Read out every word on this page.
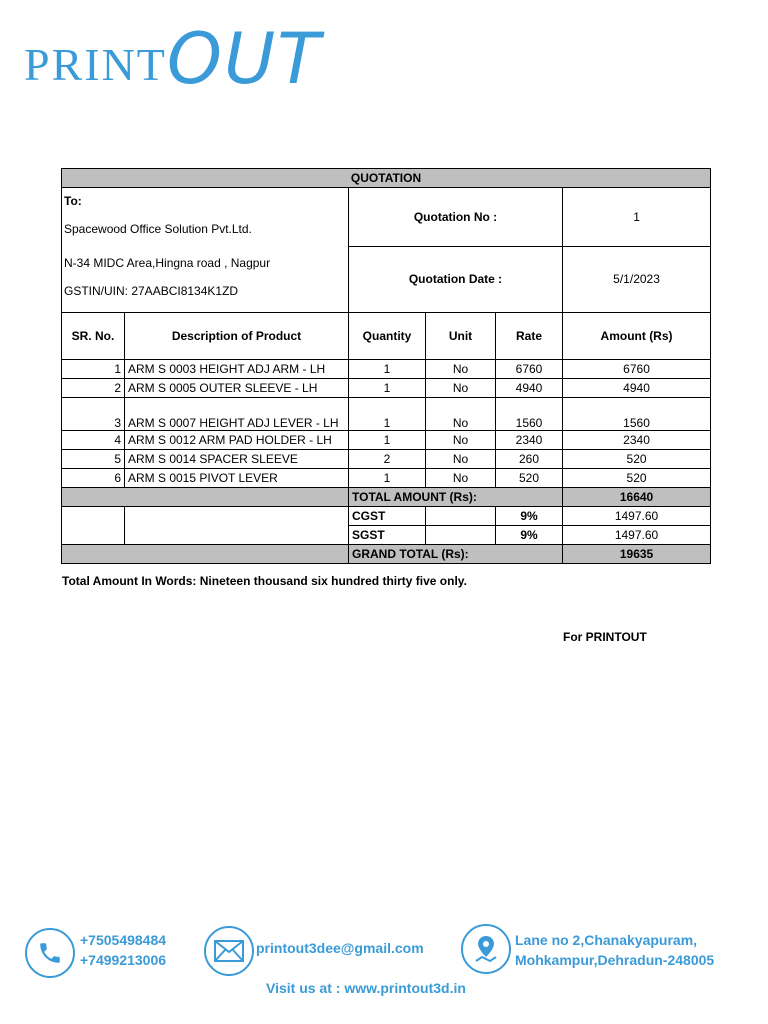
PRINT OUT
QUOTATION					

To:
Spacewood Office Solution Pvt.Ltd.		Quotation No :			1

N-34 MIDC Area,Hingna road , Nagpur
GSTIN/UIN: 27AABCI8134K1ZD		Quotation Date :			5/1/2023
SR. No.	Description of Product	Quantity	Unit	Rate	Amount (Rs)
1	ARM S 0003 HEIGHT ADJ ARM - LH	1	No	6760	6760
2	ARM S 0005 OUTER SLEEVE - LH	1	No	4940	4940
3	ARM S 0007 HEIGHT ADJ LEVER - LH	1	No	1560	1560
4	ARM S 0012 ARM PAD HOLDER - LH	1	No	2340	2340
5	ARM S 0014 SPACER SLEEVE	2	No	260	520
6	ARM S 0015 PIVOT LEVER	1	No	520	520
		TOTAL AMOUNT (Rs):			16640
		CGST		9%	1497.60
		SGST		9%	1497.60
		GRAND TOTAL (Rs):			19635
Total Amount In Words: Nineteen thousand six hundred thirty five only.
For PRINTOUT
+7505498484
+7499213006
printout3dee@gmail.com	Lane no 2,Chanakyapuram,
Mohkampur,Dehradun-248005
Visit us at : www.printout3d.in
